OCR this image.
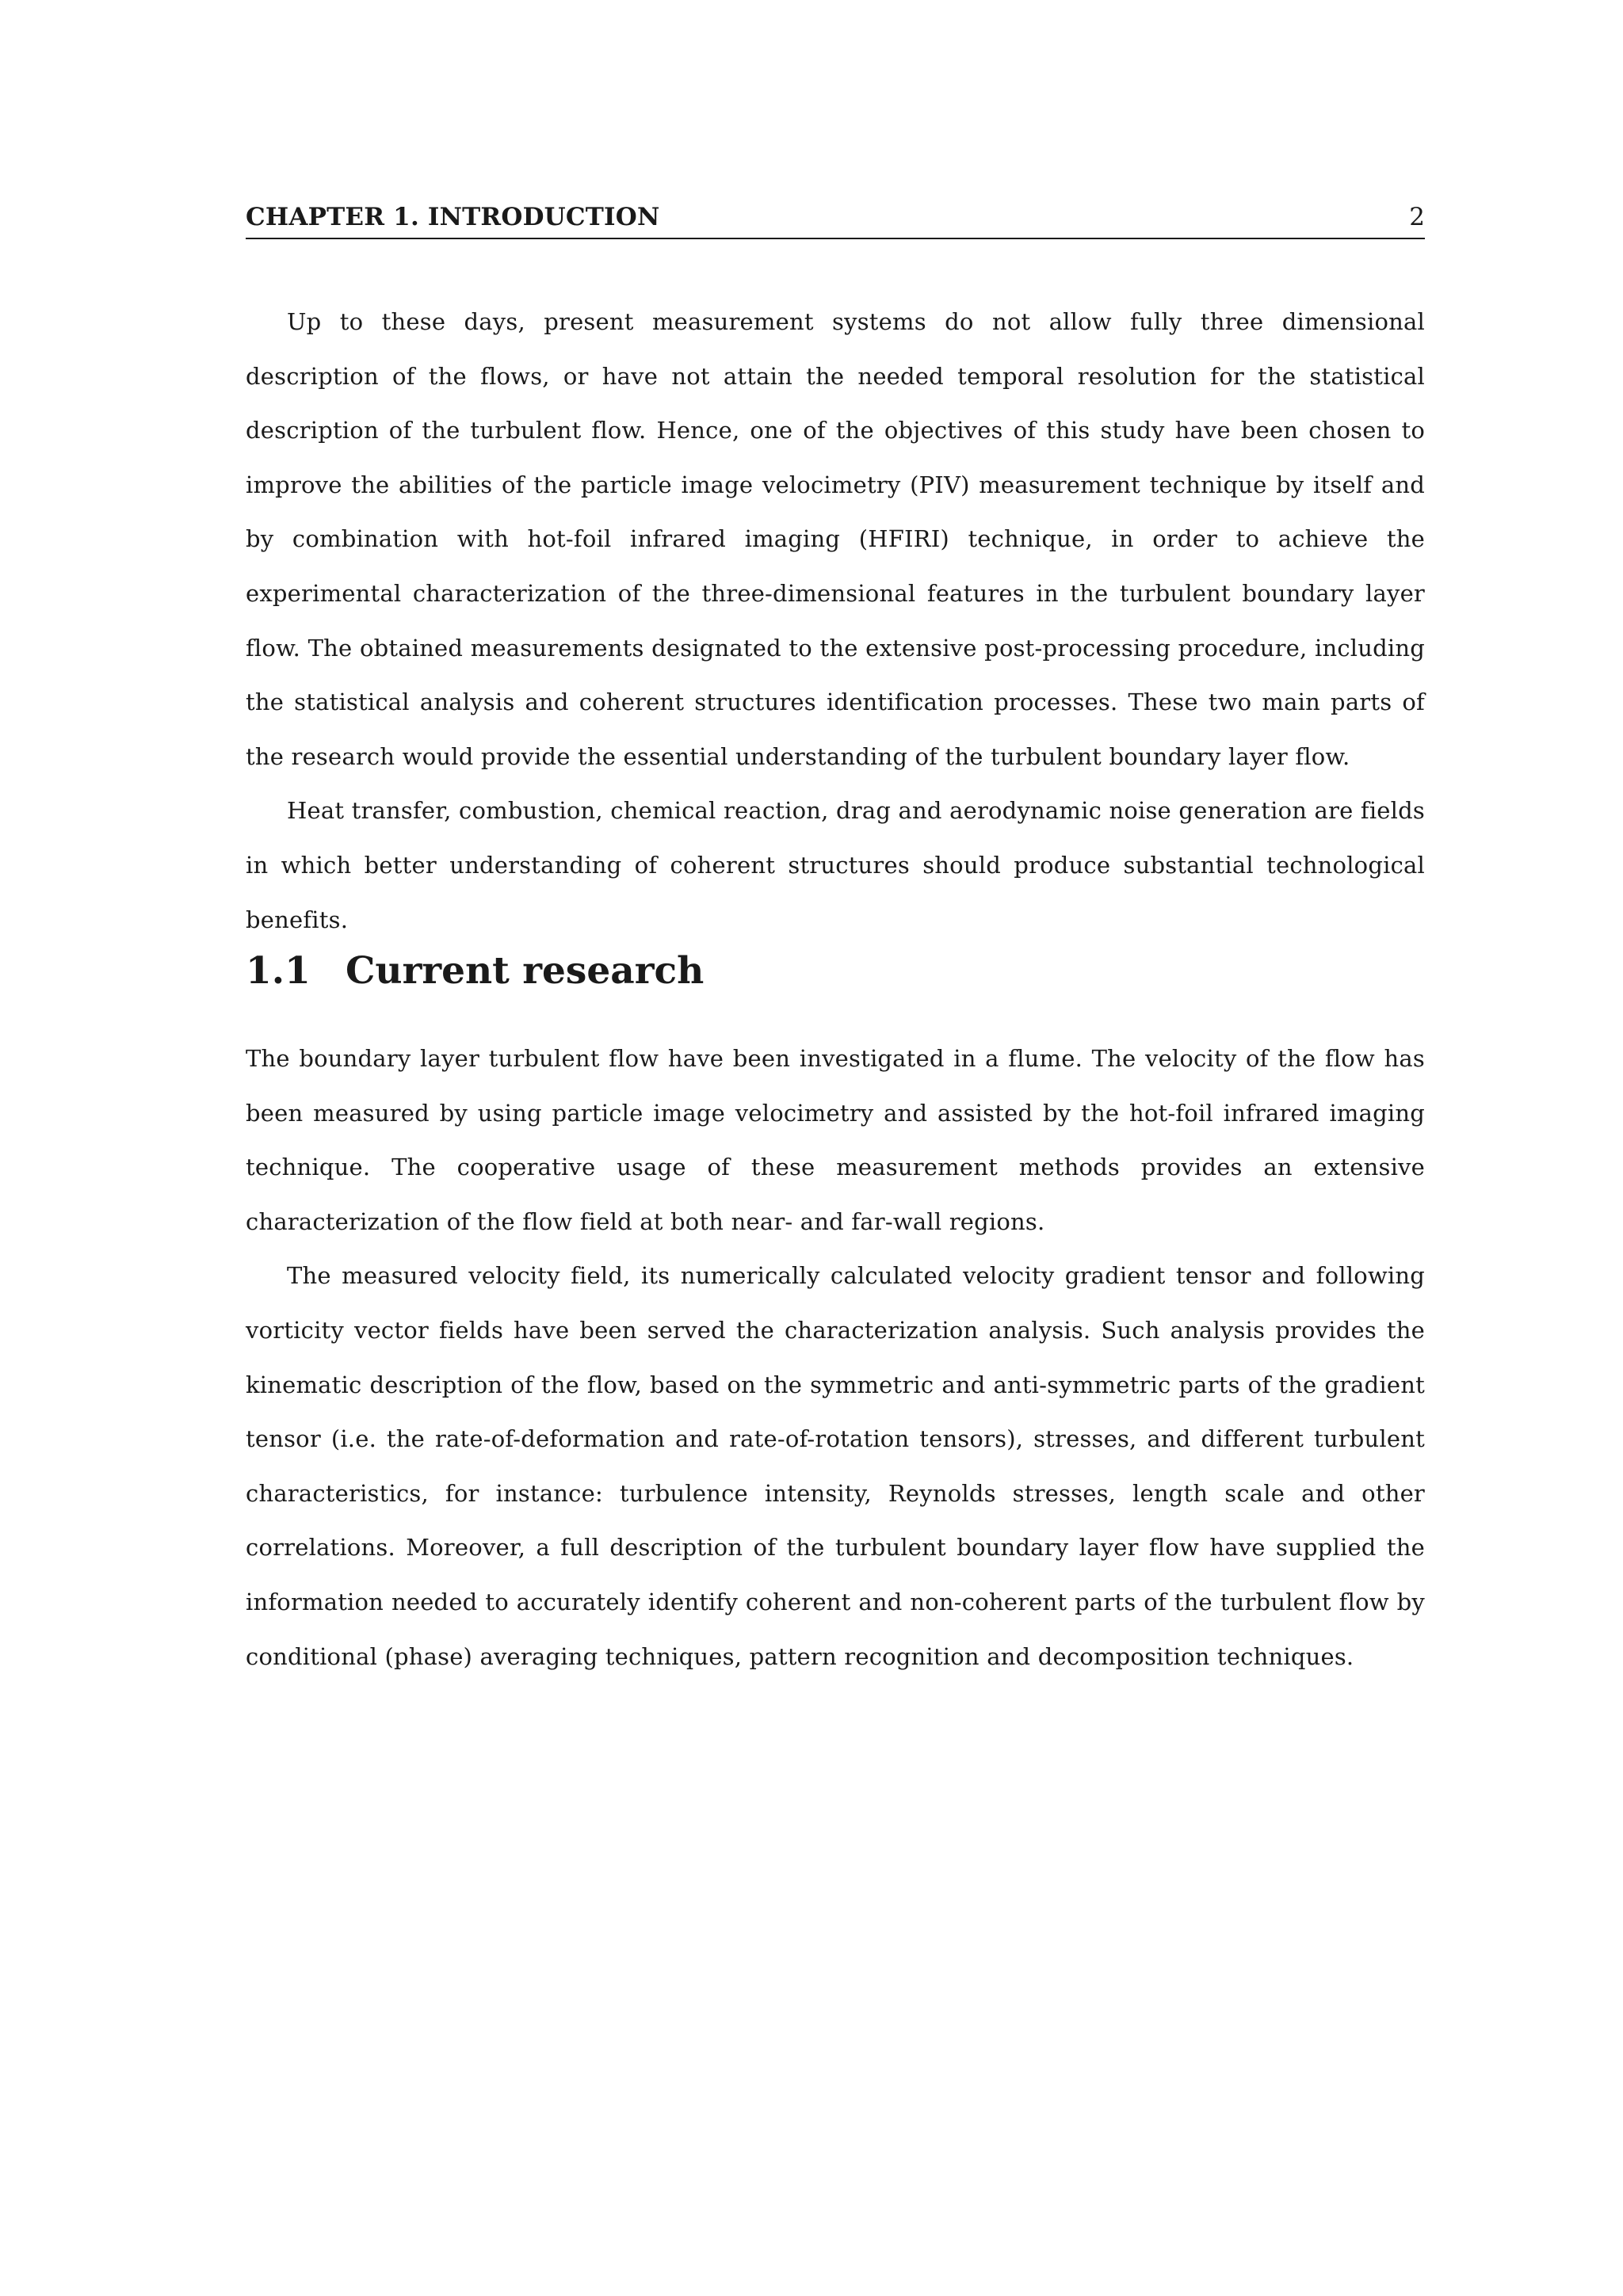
CHAPTER 1. INTRODUCTION	2

Up to these days, present measurement systems do not allow fully three dimensional description of the flows, or have not attain the needed temporal resolution for the statistical description of the turbulent flow. Hence, one of the objectives of this study have been chosen to improve the abilities of the particle image velocimetry (PIV) measurement technique by itself and by combination with hot-foil infrared imaging (HFIRI) technique, in order to achieve the experimental characterization of the three-dimensional features in the turbulent boundary layer flow. The obtained measurements designated to the extensive post-processing procedure, including the statistical analysis and coherent structures identification processes. These two main parts of the research would provide the essential understanding of the turbulent boundary layer flow.

Heat transfer, combustion, chemical reaction, drag and aerodynamic noise generation are fields in which better understanding of coherent structures should produce substantial technological benefits.

1.1 Current research

The boundary layer turbulent flow have been investigated in a flume. The velocity of the flow has been measured by using particle image velocimetry and assisted by the hot-foil infrared imaging technique. The cooperative usage of these measurement methods provides an extensive characterization of the flow field at both near- and far-wall regions.

The measured velocity field, its numerically calculated velocity gradient tensor and following vorticity vector fields have been served the characterization analysis. Such analysis provides the kinematic description of the flow, based on the symmetric and anti-symmetric parts of the gradient tensor (i.e. the rate-of-deformation and rate-of-rotation tensors), stresses, and different turbulent characteristics, for instance: turbulence intensity, Reynolds stresses, length scale and other correlations. Moreover, a full description of the turbulent boundary layer flow have supplied the information needed to accurately identify coherent and non-coherent parts of the turbulent flow by conditional (phase) averaging techniques, pattern recognition and decomposition techniques.
